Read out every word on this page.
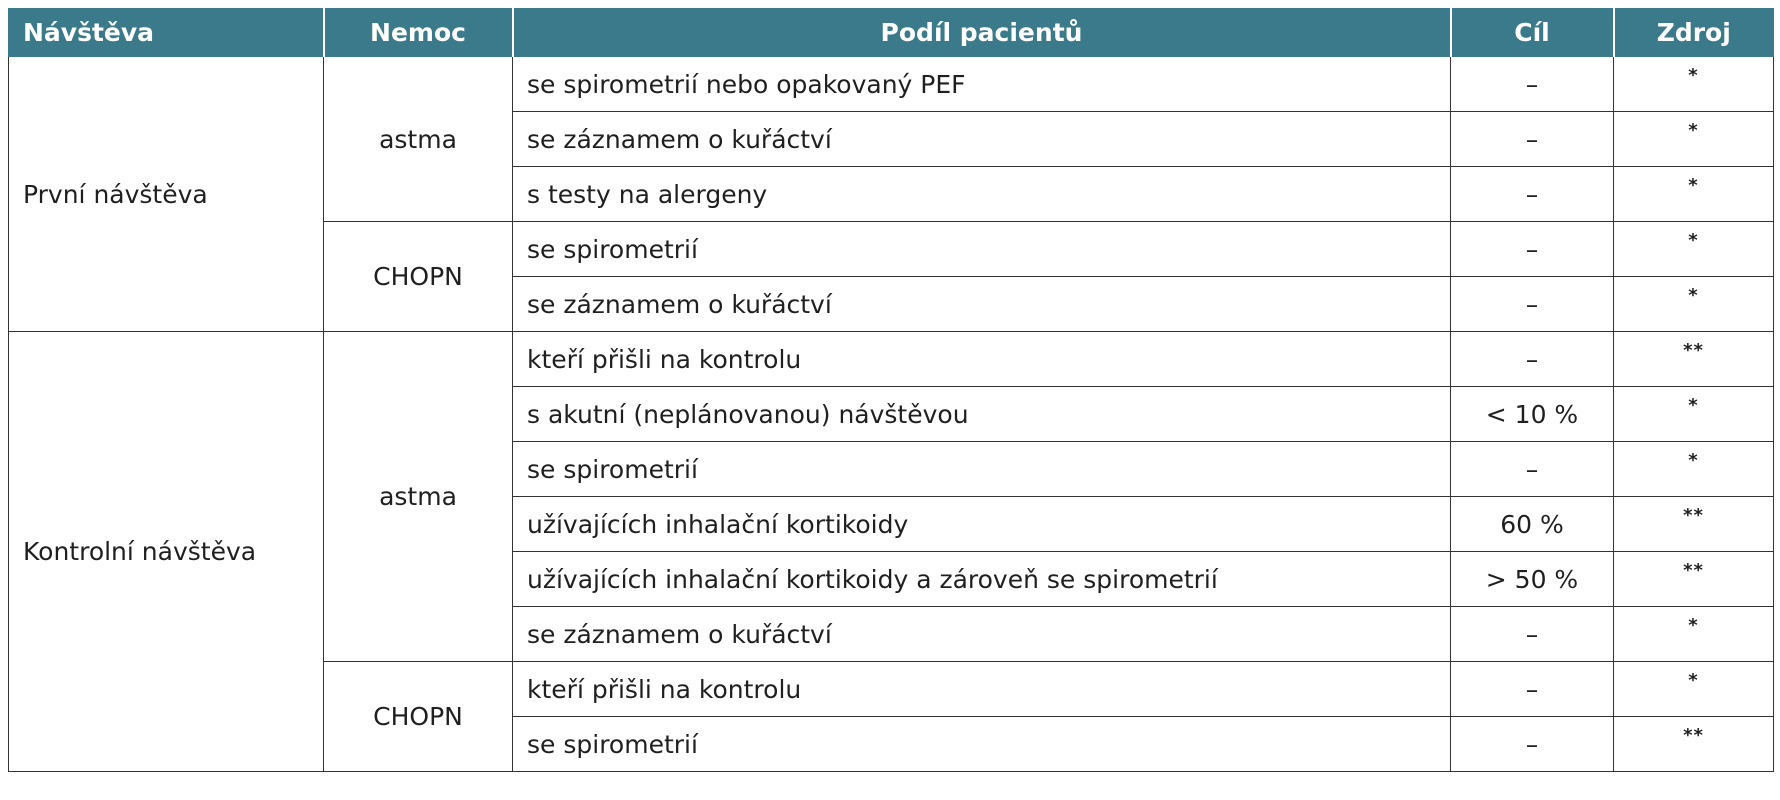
Návštěva	Nemoc	Podíl pacientů	Cíl	Zdroj
První návštěva	astma	se spirometrií nebo opakovaný PEF	–	*
		se záznamem o kuřáctví	–	*
		s testy na alergeny	–	*
	CHOPN	se spirometrií	–	*
		se záznamem o kuřáctví	–	*
Kontrolní návštěva	astma	kteří přišli na kontrolu	–	**
		s akutní (neplánovanou) návštěvou	< 10 %	*
		se spirometrií	–	*
		užívajících inhalační kortikoidy	60 %	**
		užívajících inhalační kortikoidy a zároveň se spirometrií	> 50 %	**
		se záznamem o kuřáctví	–	*
	CHOPN	kteří přišli na kontrolu	–	*
		se spirometrií	–	**
